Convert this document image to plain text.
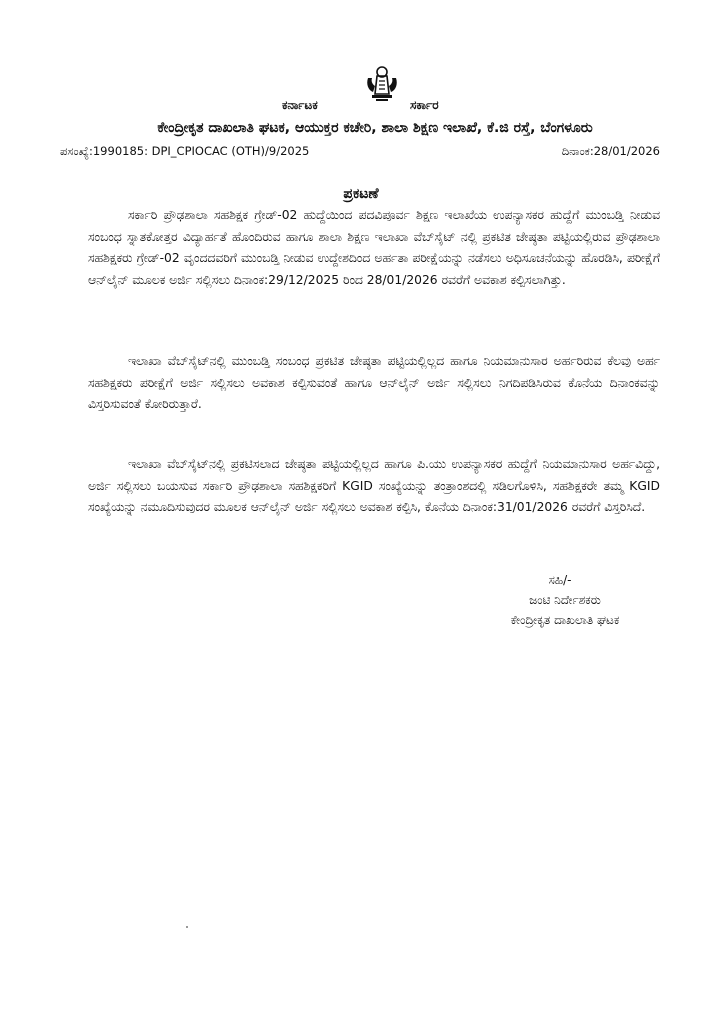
ಕರ್ನಾಟಕ	ಸರ್ಕಾರ
ಕೇಂದ್ರೀಕೃತ ದಾಖಲಾತಿ ಘಟಕ, ಆಯುಕ್ತರ ಕಚೇರಿ, ಶಾಲಾ ಶಿಕ್ಷಣ ಇಲಾಖೆ, ಕೆ.ಜಿ ರಸ್ತೆ, ಬೆಂಗಳೂರು
ಪಸಂಖ್ಯೆ:1990185: DPI_CPIOCAC (OTH)/9/2025	ದಿನಾಂಕ:28/01/2026
ಪ್ರಕಟಣೆ

ಸರ್ಕಾರಿ ಪ್ರೌಢಶಾಲಾ ಸಹಶಿಕ್ಷಕ ಗ್ರೇಡ್-02 ಹುದ್ದೆಯಿಂದ ಪದವಿಪೂರ್ವ ಶಿಕ್ಷಣ ಇಲಾಖೆಯ ಉಪನ್ಯಾಸಕರ ಹುದ್ದೆಗೆ ಮುಂಬಡ್ತಿ ನೀಡುವ ಸಂಬಂಧ ಸ್ನಾತಕೋತ್ತರ ವಿದ್ಯಾರ್ಹತೆ ಹೊಂದಿರುವ ಹಾಗೂ ಶಾಲಾ ಶಿಕ್ಷಣ ಇಲಾಖಾ ವೆಬ್‌ಸೈಟ್ ನಲ್ಲಿ ಪ್ರಕಟಿತ ಜೇಷ್ಠತಾ ಪಟ್ಟಿಯಲ್ಲಿರುವ ಪ್ರೌಢಶಾಲಾ ಸಹಶಿಕ್ಷಕರು ಗ್ರೇಡ್-02 ವೃಂದದವರಿಗೆ ಮುಂಬಡ್ತಿ ನೀಡುವ ಉದ್ದೇಶದಿಂದ ಅರ್ಹತಾ ಪರೀಕ್ಷೆಯನ್ನು ನಡೆಸಲು ಅಧಿಸೂಚನೆಯನ್ನು ಹೊರಡಿಸಿ, ಪರೀಕ್ಷೆಗೆ ಆನ್‌ಲೈನ್ ಮೂಲಕ ಅರ್ಜಿ ಸಲ್ಲಿಸಲು ದಿನಾಂಕ:29/12/2025 ರಿಂದ 28/01/2026 ರವರೆಗೆ ಅವಕಾಶ ಕಲ್ಪಿಸಲಾಗಿತ್ತು.

ಇಲಾಖಾ ವೆಬ್‌ಸೈಟ್‌ನಲ್ಲಿ ಮುಂಬಡ್ತಿ ಸಂಬಂಧ ಪ್ರಕಟಿತ ಜೇಷ್ಠತಾ ಪಟ್ಟಿಯಲ್ಲಿಲ್ಲದ ಹಾಗೂ ನಿಯಮಾನುಸಾರ ಅರ್ಹರಿರುವ ಕೆಲವು ಅರ್ಹ ಸಹಶಿಕ್ಷಕರು ಪರೀಕ್ಷೆಗೆ ಅರ್ಜಿ ಸಲ್ಲಿಸಲು ಅವಕಾಶ ಕಲ್ಪಿಸುವಂತೆ ಹಾಗೂ ಆನ್‌ಲೈನ್ ಅರ್ಜಿ ಸಲ್ಲಿಸಲು ನಿಗದಿಪಡಿಸಿರುವ ಕೊನೆಯ ದಿನಾಂಕವನ್ನು ವಿಸ್ತರಿಸುವಂತೆ ಕೋರಿರುತ್ತಾರೆ.

ಇಲಾಖಾ ವೆಬ್‌ಸೈಟ್‌ನಲ್ಲಿ ಪ್ರಕಟಿಸಲಾದ ಜೇಷ್ಠತಾ ಪಟ್ಟಿಯಲ್ಲಿಲ್ಲದ ಹಾಗೂ ಪಿ.ಯು ಉಪನ್ಯಾಸಕರ ಹುದ್ದೆಗೆ ನಿಯಮಾನುಸಾರ ಅರ್ಹವಿದ್ದು, ಅರ್ಜಿ ಸಲ್ಲಿಸಲು ಬಯಸುವ ಸರ್ಕಾರಿ ಪ್ರೌಢಶಾಲಾ ಸಹಶಿಕ್ಷಕರಿಗೆ KGID ಸಂಖ್ಯೆಯನ್ನು ತಂತ್ರಾಂಶದಲ್ಲಿ ಸಡಿಲಗೊಳಿಸಿ, ಸಹಶಿಕ್ಷಕರೇ ತಮ್ಮ KGID ಸಂಖ್ಯೆಯನ್ನು ನಮೂದಿಸುವುದರ ಮೂಲಕ ಆನ್‌ಲೈನ್ ಅರ್ಜಿ ಸಲ್ಲಿಸಲು ಅವಕಾಶ ಕಲ್ಪಿಸಿ, ಕೊನೆಯ ದಿನಾಂಕ:31/01/2026 ರವರೆಗೆ ವಿಸ್ತರಿಸಿದೆ.

ಸಹಿ/-
ಜಂಟಿ ನಿರ್ದೇಶಕರು
ಕೇಂದ್ರೀಕೃತ ದಾಖಲಾತಿ ಘಟಕ
